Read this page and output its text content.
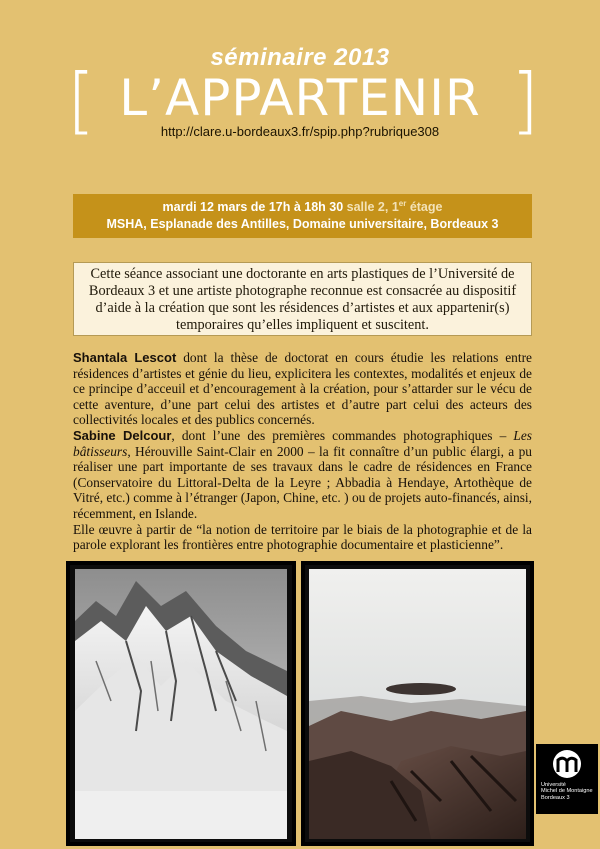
séminaire 2013
[ L’APPARTENIR ]
http://clare.u-bordeaux3.fr/spip.php?rubrique308
mardi 12 mars de 17h à 18h 30 salle 2, 1er étage
MSHA, Esplanade des Antilles, Domaine universitaire, Bordeaux 3
Cette séance associant une doctorante en arts plastiques de l’Université de Bordeaux 3 et une artiste photographe reconnue est consacrée au dispositif d’aide à la création que sont les résidences d’artistes et aux appartenir(s) temporaires qu’elles impliquent et suscitent.

Shantala Lescot dont la thèse de doctorat en cours étudie les relations entre résidences d’artistes et génie du lieu, explicitera les contextes, modalités et enjeux de ce principe d’acceuil et d’encouragement à la création, pour s’attarder sur le vécu de cette aventure, d’une part celui des artistes et d’autre part celui des acteurs des collectivités locales et des publics concernés.

Sabine Delcour, dont l’une des premières commandes photographiques – Les bâtisseurs, Hérouville Saint-Clair en 2000 – la fit connaître d’un public élargi, a pu réaliser une part importante de ses travaux dans le cadre de résidences en France (Conservatoire du Littoral-Delta de la Leyre ; Abbadia à Hendaye, Artothèque de Vitré, etc.) comme à l’étranger (Japon, Chine, etc. ) ou de projets auto-financés, ainsi, récemment, en Islande.

Elle œuvre à partir de “la notion de territoire par le biais de la photographie et de la parole explorant les frontières entre photographie documentaire et plasticienne”.

Université
Michel de Montaigne
Bordeaux 3
